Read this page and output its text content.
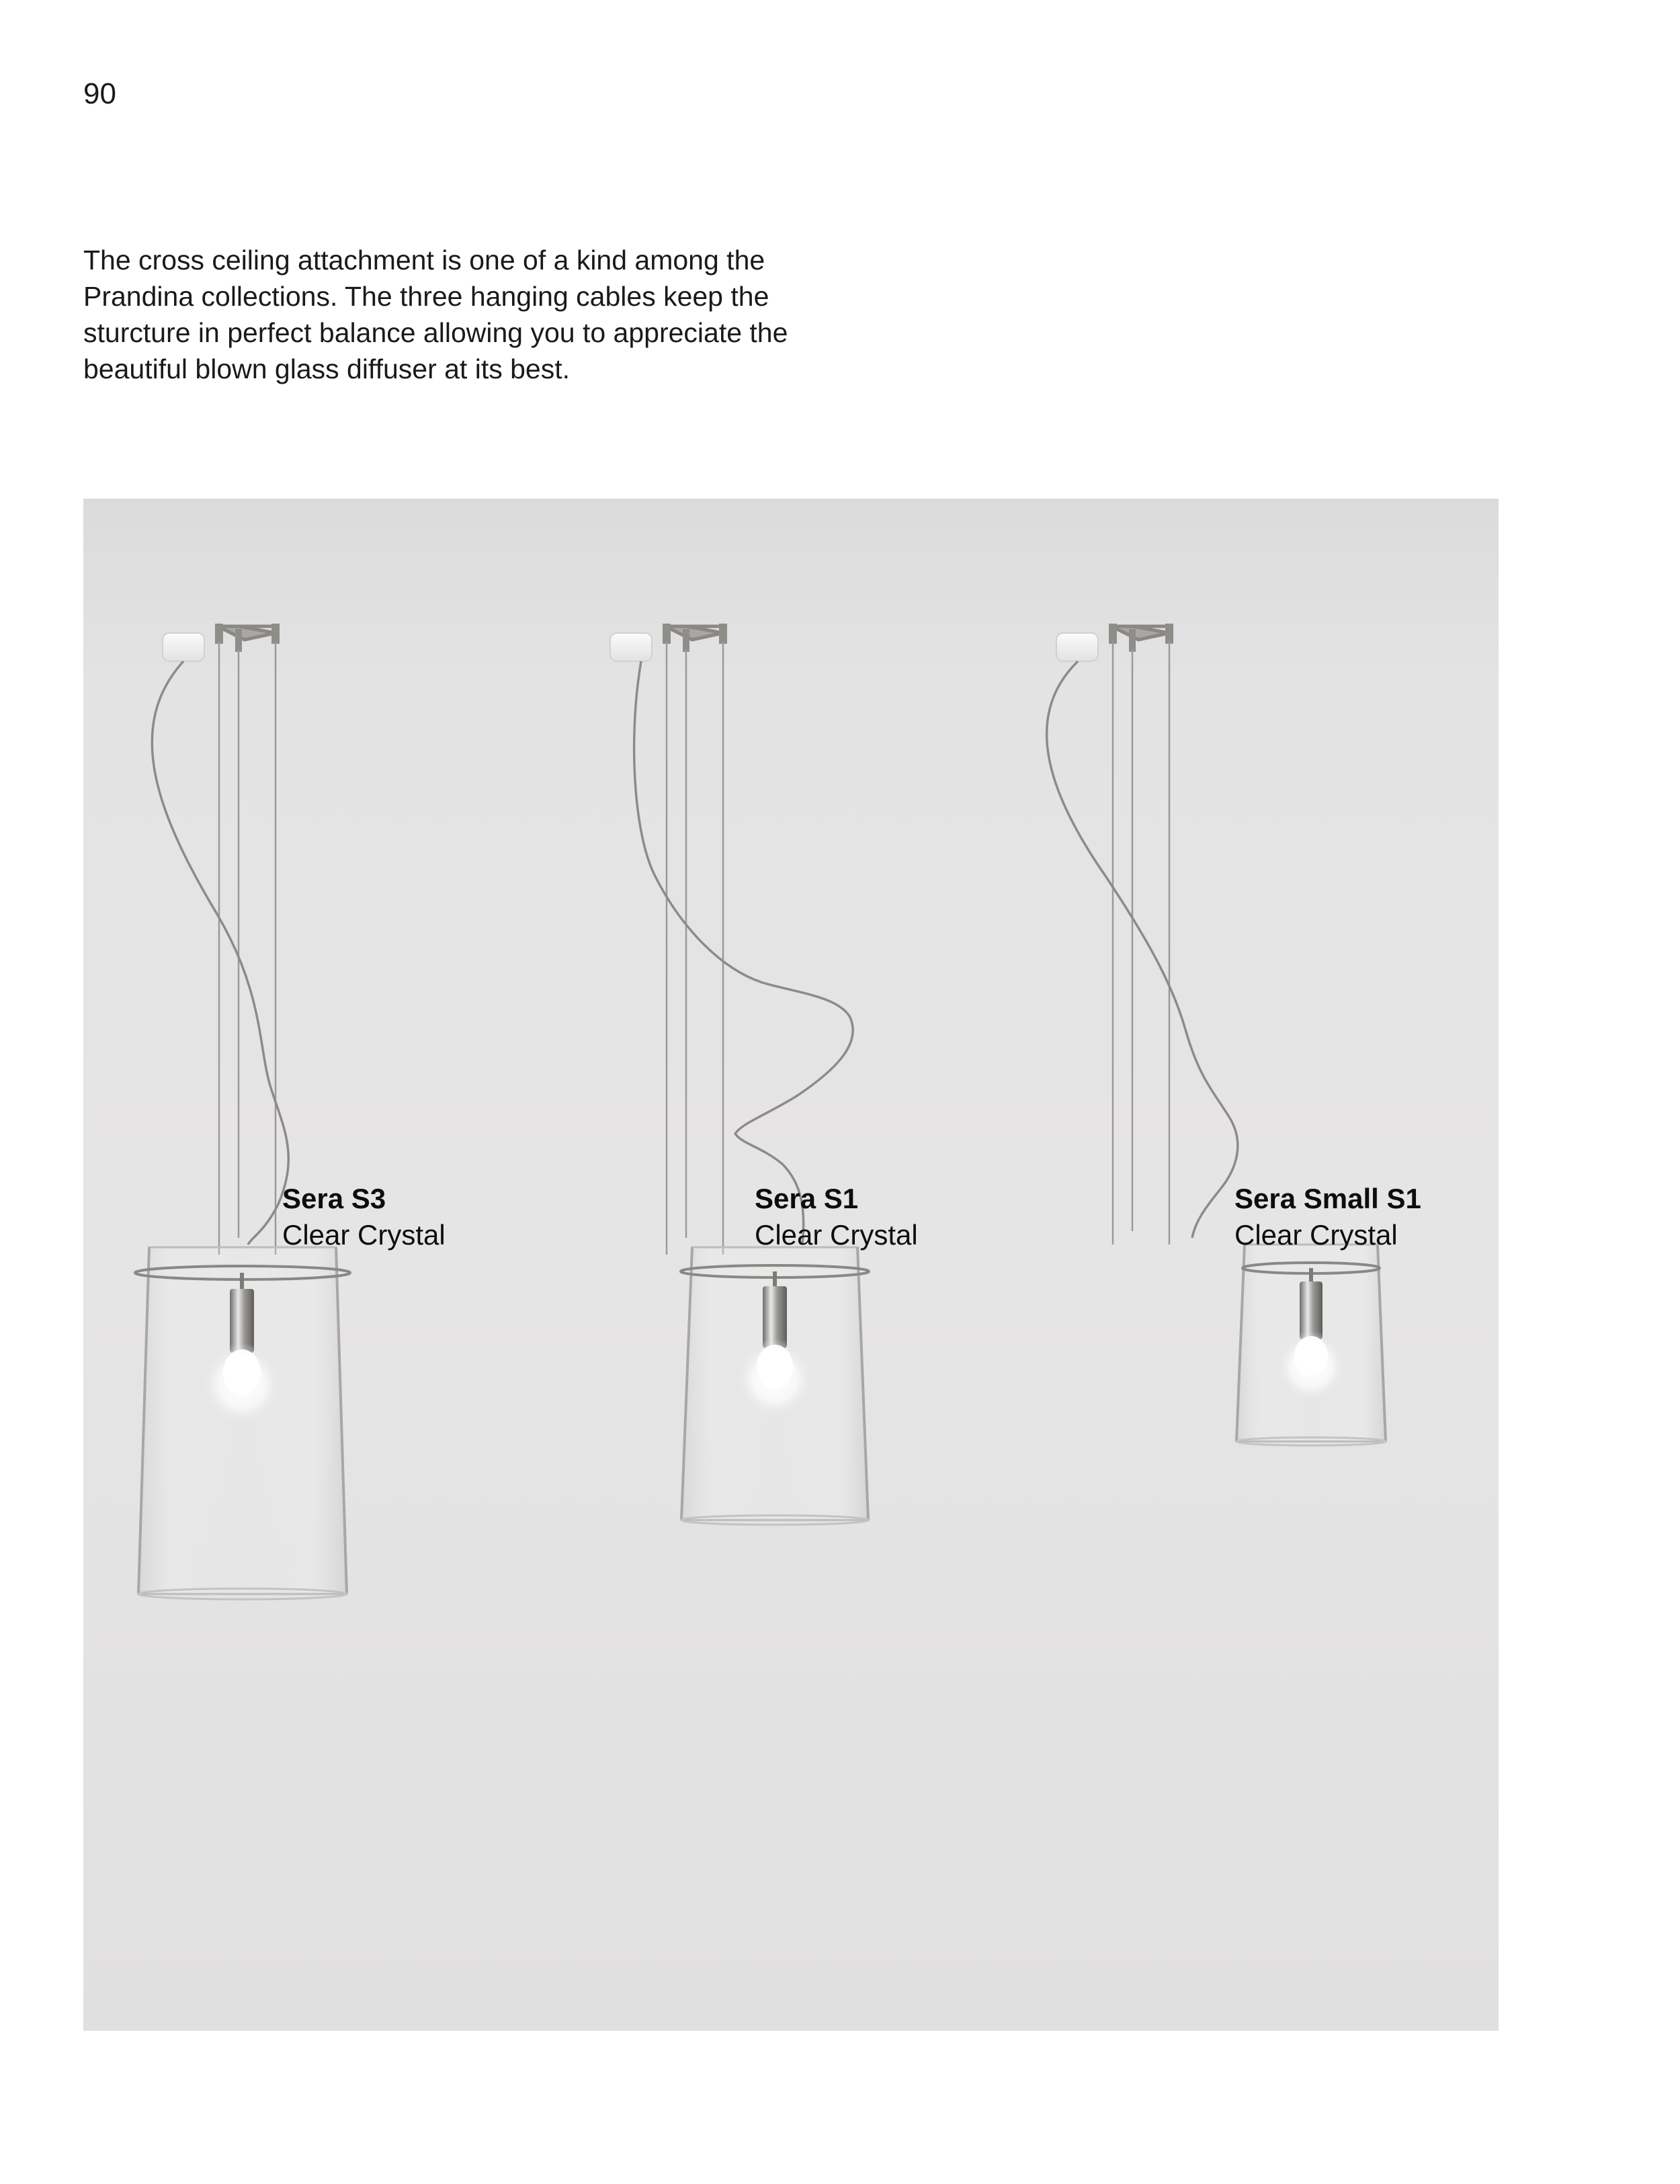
90
The cross ceiling attachment is one of a kind among the
Prandina collections. The three hanging cables keep the
sturcture in perfect balance allowing you to appreciate the
beautiful blown glass diffuser at its best.
Sera S3
Clear Crystal
Sera S1
Clear Crystal
Sera Small S1
Clear Crystal
